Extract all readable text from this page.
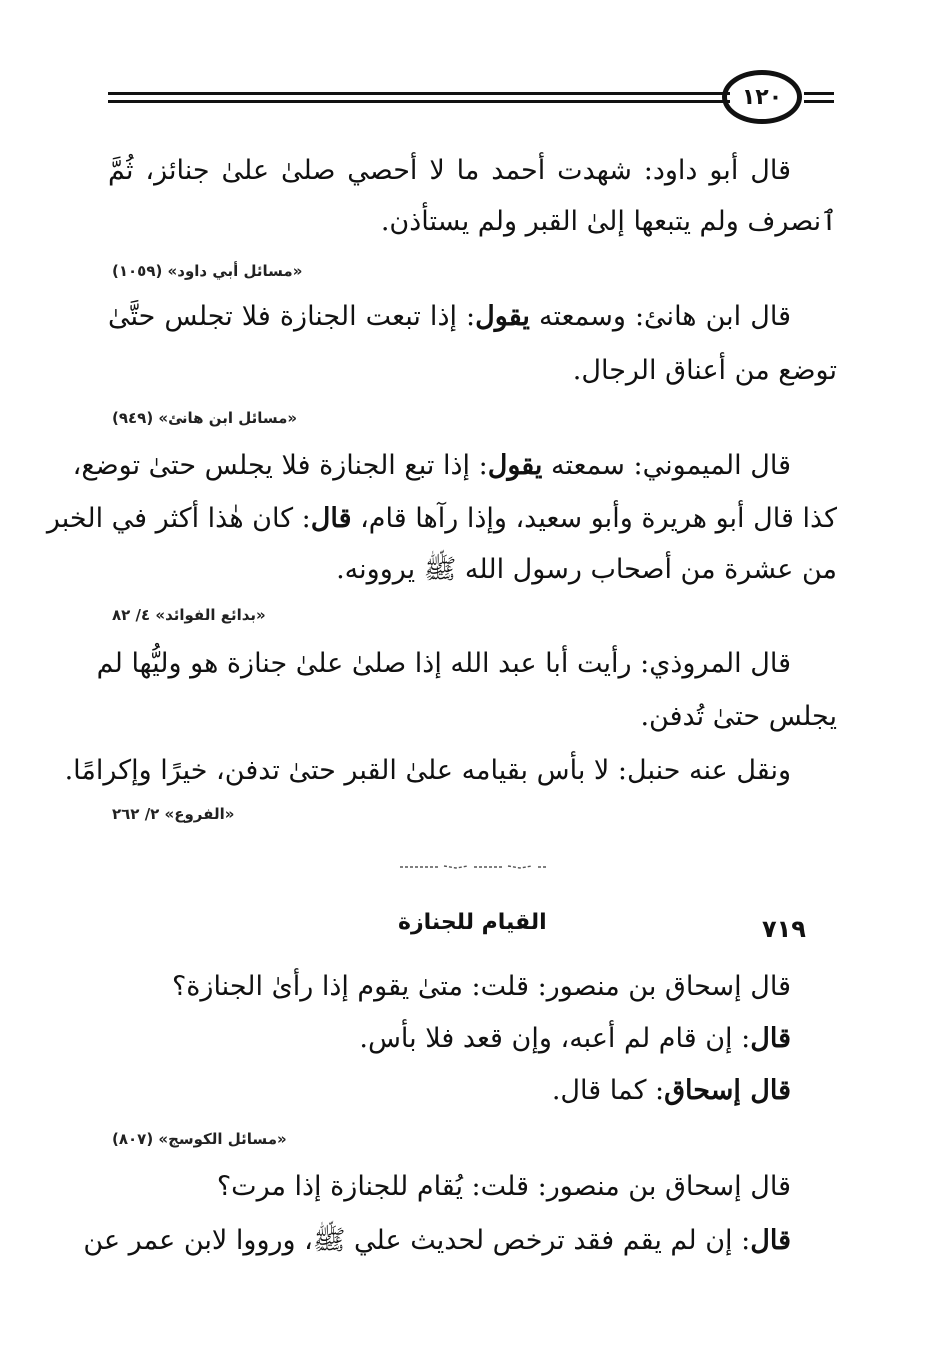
١٢٠
قال أبو داود: شهدت أحمد ما لا أحصي صلىٰ علىٰ جنائز، ثُمَّ
ٱنصرف ولم يتبعها إلىٰ القبر ولم يستأذن.
«مسائل أبي داود» (١٠٥٩)
قال ابن هانئ: وسمعته يقول: إذا تبعت الجنازة فلا تجلس حتَّىٰ
توضع من أعناق الرجال.
«مسائل ابن هانئ» (٩٤٩)
قال الميموني: سمعته يقول: إذا تبع الجنازة فلا يجلس حتىٰ توضع،
كذا قال أبو هريرة وأبو سعيد، وإذا رآها قام، قال: كان هٰذا أكثر في الخبر
من عشرة من أصحاب رسول الله ﷺ يروونه.
«بدائع الفوائد» ٤/ ٨٢
قال المروذي: رأيت أبا عبد الله إذا صلىٰ علىٰ جنازة هو وليُّها لم
يجلس حتىٰ تُدفن.
ونقل عنه حنبل: لا بأس بقيامه علىٰ القبر حتىٰ تدفن، خيرًا وإكرامًا.
«الفروع» ٢/ ٢٦٢
٧١٩
القيام للجنازة
قال إسحاق بن منصور: قلت: متىٰ يقوم إذا رأىٰ الجنازة؟
قال: إن قام لم أعبه، وإن قعد فلا بأس.
قال إسحاق: كما قال.
«مسائل الكوسج» (٨٠٧)
قال إسحاق بن منصور: قلت: يُقام للجنازة إذا مرت؟
قال: إن لم يقم فقد ترخص لحديث علي ﷺ، ورووا لابن عمر عن
